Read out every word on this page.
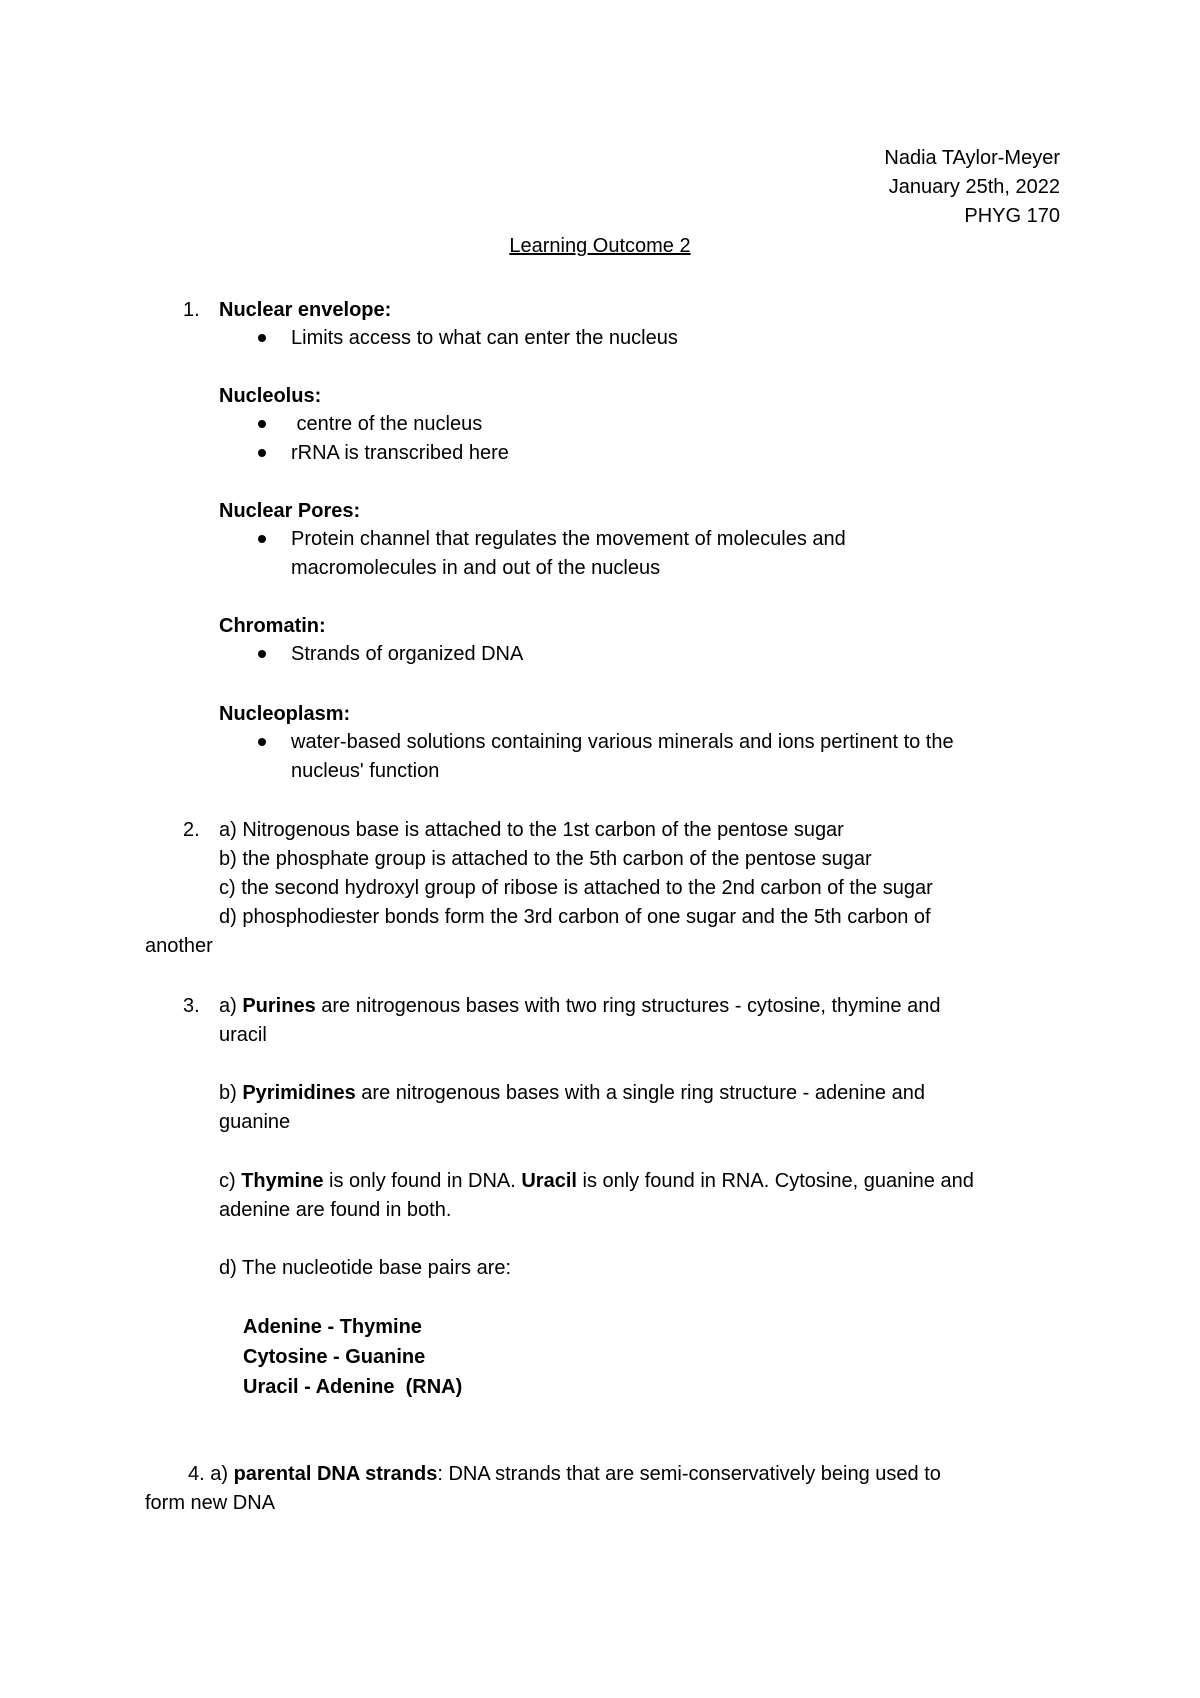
Nadia TAylor-Meyer
January 25th, 2022
PHYG 170
Learning Outcome 2
1. Nuclear envelope:
Limits access to what can enter the nucleus
Nucleolus:
centre of the nucleus
rRNA is transcribed here
Nuclear Pores:
Protein channel that regulates the movement of molecules and
macromolecules in and out of the nucleus
Chromatin:
Strands of organized DNA
Nucleoplasm:
water-based solutions containing various minerals and ions pertinent to the
nucleus' function
2. a) Nitrogenous base is attached to the 1st carbon of the pentose sugar
b) the phosphate group is attached to the 5th carbon of the pentose sugar
c) the second hydroxyl group of ribose is attached to the 2nd carbon of the sugar
d) phosphodiester bonds form the 3rd carbon of one sugar and the 5th carbon of
another
3. a) Purines are nitrogenous bases with two ring structures - cytosine, thymine and
uracil
b) Pyrimidines are nitrogenous bases with a single ring structure - adenine and
guanine
c) Thymine is only found in DNA. Uracil is only found in RNA. Cytosine, guanine and
adenine are found in both.
d) The nucleotide base pairs are:
Adenine - Thymine
Cytosine - Guanine
Uracil - Adenine  (RNA)
4. a) parental DNA strands: DNA strands that are semi-conservatively being used to
form new DNA
